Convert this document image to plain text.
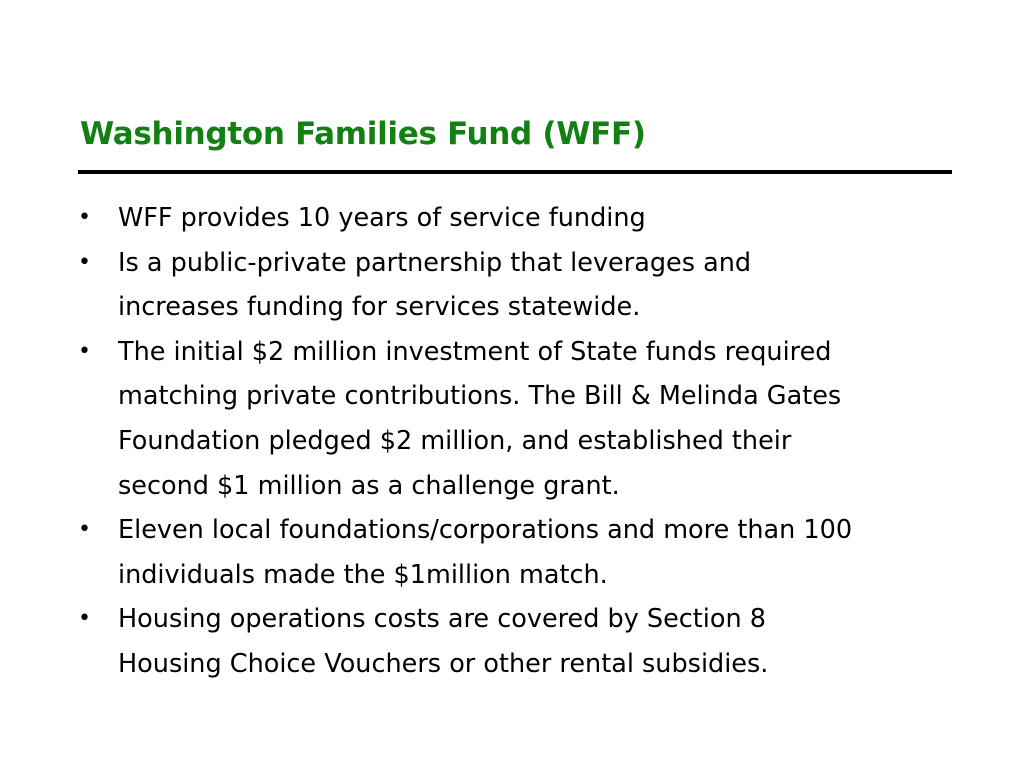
Washington Families Fund (WFF)
• WFF provides 10 years of service funding
• Is a public-private partnership that leverages and
increases funding for services statewide.
• The initial $2 million investment of State funds required
matching private contributions. The Bill & Melinda Gates
Foundation pledged $2 million, and established their
second $1 million as a challenge grant.
• Eleven local foundations/corporations and more than 100
individuals made the $1million match.
• Housing operations costs are covered by Section 8
Housing Choice Vouchers or other rental subsidies.
